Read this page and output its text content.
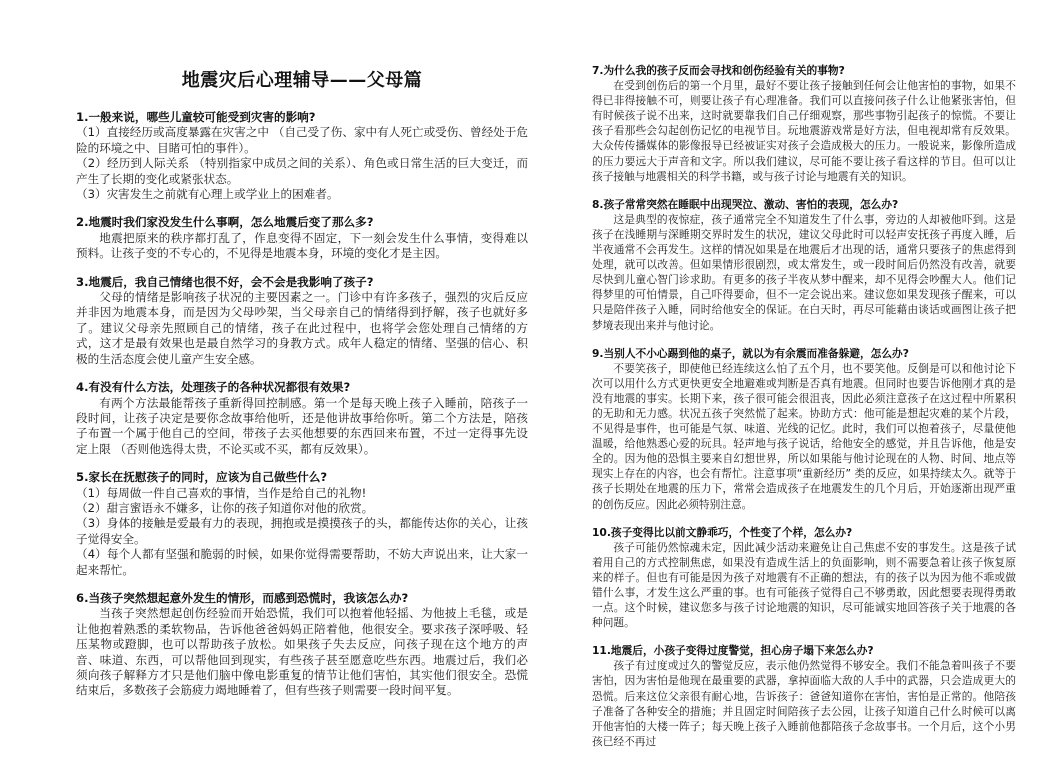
地震灾后心理辅导——父母篇

1.一般来说，哪些儿童较可能受到灾害的影响?

（1）直接经历或高度暴露在灾害之中 （自己受了伤、家中有人死亡或受伤、曾经处于危险的环境之中、目睹可怕的事件）。

（2）经历到人际关系 （特别指家中成员之间的关系）、角色或日常生活的巨大变迁，而产生了长期的变化或紧张状态。

（3）灾害发生之前就有心理上或学业上的困难者。

2.地震时我们家没发生什么事啊，怎么地震后变了那么多?

地震把原来的秩序都打乱了，作息变得不固定，下一刻会发生什么事情，变得难以预料。让孩子变的不专心的，不见得是地震本身，环境的变化才是主因。

3.地震后，我自己情绪也很不好，会不会是我影响了孩子?

父母的情绪是影响孩子状况的主要因素之一。门诊中有许多孩子，强烈的灾后反应并非因为地震本身，而是因为父母吵架，当父母亲自己的情绪得到抒解，孩子也就好多了。建议父母亲先照顾自己的情绪，孩子在此过程中，也将学会您处理自己情绪的方式，这才是最有效果也是最自然学习的身教方式。成年人稳定的情绪、坚强的信心、积极的生活态度会使儿童产生安全感。

4.有没有什么方法，处理孩子的各种状况都很有效果?

有两个方法最能帮孩子重新得回控制感。第一个是每天晚上孩子入睡前，陪孩子一段时间，让孩子决定是要你念故事给他听，还是他讲故事给你听。第二个方法是，陪孩子布置一个属于他自己的空间，带孩子去买他想要的东西回来布置，不过一定得事先设定上限 （否则他选得太贵，不论买或不买，都有反效果）。

5.家长在抚慰孩子的同时，应该为自己做些什么?

（1）每周做一件自己喜欢的事情，当作是给自己的礼物!

（2）甜言蜜语永不嫌多，让你的孩子知道你对他的欣赏。

（3）身体的接触是爱最有力的表现，拥抱或是摸摸孩子的头，都能传达你的关心，让孩子觉得安全。

（4）每个人都有坚强和脆弱的时候，如果你觉得需要帮助，不妨大声说出来，让大家一起来帮忙。

6.当孩子突然想起意外发生的情形，而感到恐慌时，我该怎么办?

当孩子突然想起创伤经验而开始恐慌，我们可以抱着他轻摇、为他披上毛毯，或是让他抱着熟悉的柔软物品，告诉他爸爸妈妈正陪着他，他很安全。要求孩子深呼吸、轻压某物或蹬脚，也可以帮助孩子放松。如果孩子失去反应，问孩子现在这个地方的声音、味道、东西，可以帮他回到现实，有些孩子甚至愿意吃些东西。地震过后，我们必须向孩子解释方才只是他们脑中像电影重复的情节让他们害怕，其实他们很安全。恐慌结束后，多数孩子会筋疲力竭地睡着了，但有些孩子则需要一段时间平复。

7.为什么我的孩子反而会寻找和创伤经验有关的事物?

在受到创伤后的第一个月里，最好不要让孩子接触到任何会让他害怕的事物，如果不得已非得接触不可，则要让孩子有心理准备。我们可以直接问孩子什么让他紧张害怕，但有时候孩子说不出来，这时就要靠我们自己仔细观察，那些事物引起孩子的惊慌。不要让孩子看那些会勾起创伤记忆的电视节目。玩地震游戏常是好方法，但电视却常有反效果。大众传传播媒体的影像报导已经被证实对孩子会造成极大的压力。一般说来，影像所造成的压力要远大于声音和文字。所以我们建议，尽可能不要让孩子看这样的节目。但可以让孩子接触与地震相关的科学书籍，或与孩子讨论与地震有关的知识。

8.孩子常常突然在睡眠中出现哭泣、激动、害怕的表现，怎么办?

这是典型的夜惊症，孩子通常完全不知道发生了什么事，旁边的人却被他吓到。这是孩子在浅睡期与深睡期交界时发生的状况，建议父母此时可以轻声安抚孩子再度入睡，后半夜通常不会再发生。这样的情况如果是在地震后才出现的话，通常只要孩子的焦虑得到处理，就可以改善。但如果情形很剧烈，或太常发生，或一段时间后仍然没有改善，就要尽快到儿童心智门诊求助。有更多的孩子半夜从梦中醒来，却不见得会吵醒大人。他们记得梦里的可怕情景，自己吓得要命，但不一定会说出来。建议您如果发现孩子醒来，可以只是陪伴孩子入睡，同时给他安全的保证。在白天时，再尽可能藉由谈话或画图让孩子把梦境表现出来并与他讨论。

9.当别人不小心踢到他的桌子，就以为有余震而准备躲避，怎么办?

不要笑孩子，即使他已经连续这么怕了五个月，也不要笑他。反倒是可以和他讨论下次可以用什么方式更快更安全地避难或判断是否真有地震。但同时也要告诉他刚才真的是没有地震的事实。长期下来，孩子很可能会很沮丧，因此必须注意孩子在这过程中所累积的无助和无力感。状况五孩子突然慌了起来。协助方式：他可能是想起灾难的某个片段，不见得是事件，也可能是气氛、味道、光线的记忆。此时，我们可以抱着孩子，尽量使他温暖，给他熟悉心爱的玩具。轻声地与孩子说话，给他安全的感觉，并且告诉他，他是安全的。因为他的恐惧主要来自幻想世界，所以如果能与他讨论现在的人物、时间、地点等现实上存在的内容，也会有帮忙。注意事项“重新经历” 类的反应，如果持续太久。就等于孩子长期处在地震的压力下，常常会造成孩子在地震发生的几个月后，开始逐渐出现严重的创伤反应。因此必须特别注意。

10.孩子变得比以前文静乖巧，个性变了个样，怎么办?

孩子可能仍然惊魂未定，因此减少活动来避免让自己焦虑不安的事发生。这是孩子试着用自己的方式控制焦虑，如果没有造成生活上的负面影响，则不需要急着让孩子恢复原来的样子。但也有可能是因为孩子对地震有不正确的想法，有的孩子以为因为他不乖或做错什么事，才发生这么严重的事。也有可能孩子觉得自己不够勇敢，因此想要表现得勇敢一点。这个时候，建议您多与孩子讨论地震的知识，尽可能诚实地回答孩子关于地震的各种问题。

11.地震后，小孩子变得过度警觉，担心房子塌下来怎么办?

孩子有过度或过久的警觉反应，表示他仍然觉得不够安全。我们不能急着叫孩子不要害怕，因为害怕是他现在最重要的武器，拿掉面临大敌的人手中的武器，只会造成更大的恐慌。后来这位父亲很有耐心地，告诉孩子：爸爸知道你在害怕，害怕是正常的。他陪孩子准备了各种安全的措施；并且固定时间陪孩子去公园，让孩子知道自己什么时候可以离开他害怕的大楼一阵子；每天晚上孩子入睡前他都陪孩子念故事书。一个月后，这个小男孩已经不再过
